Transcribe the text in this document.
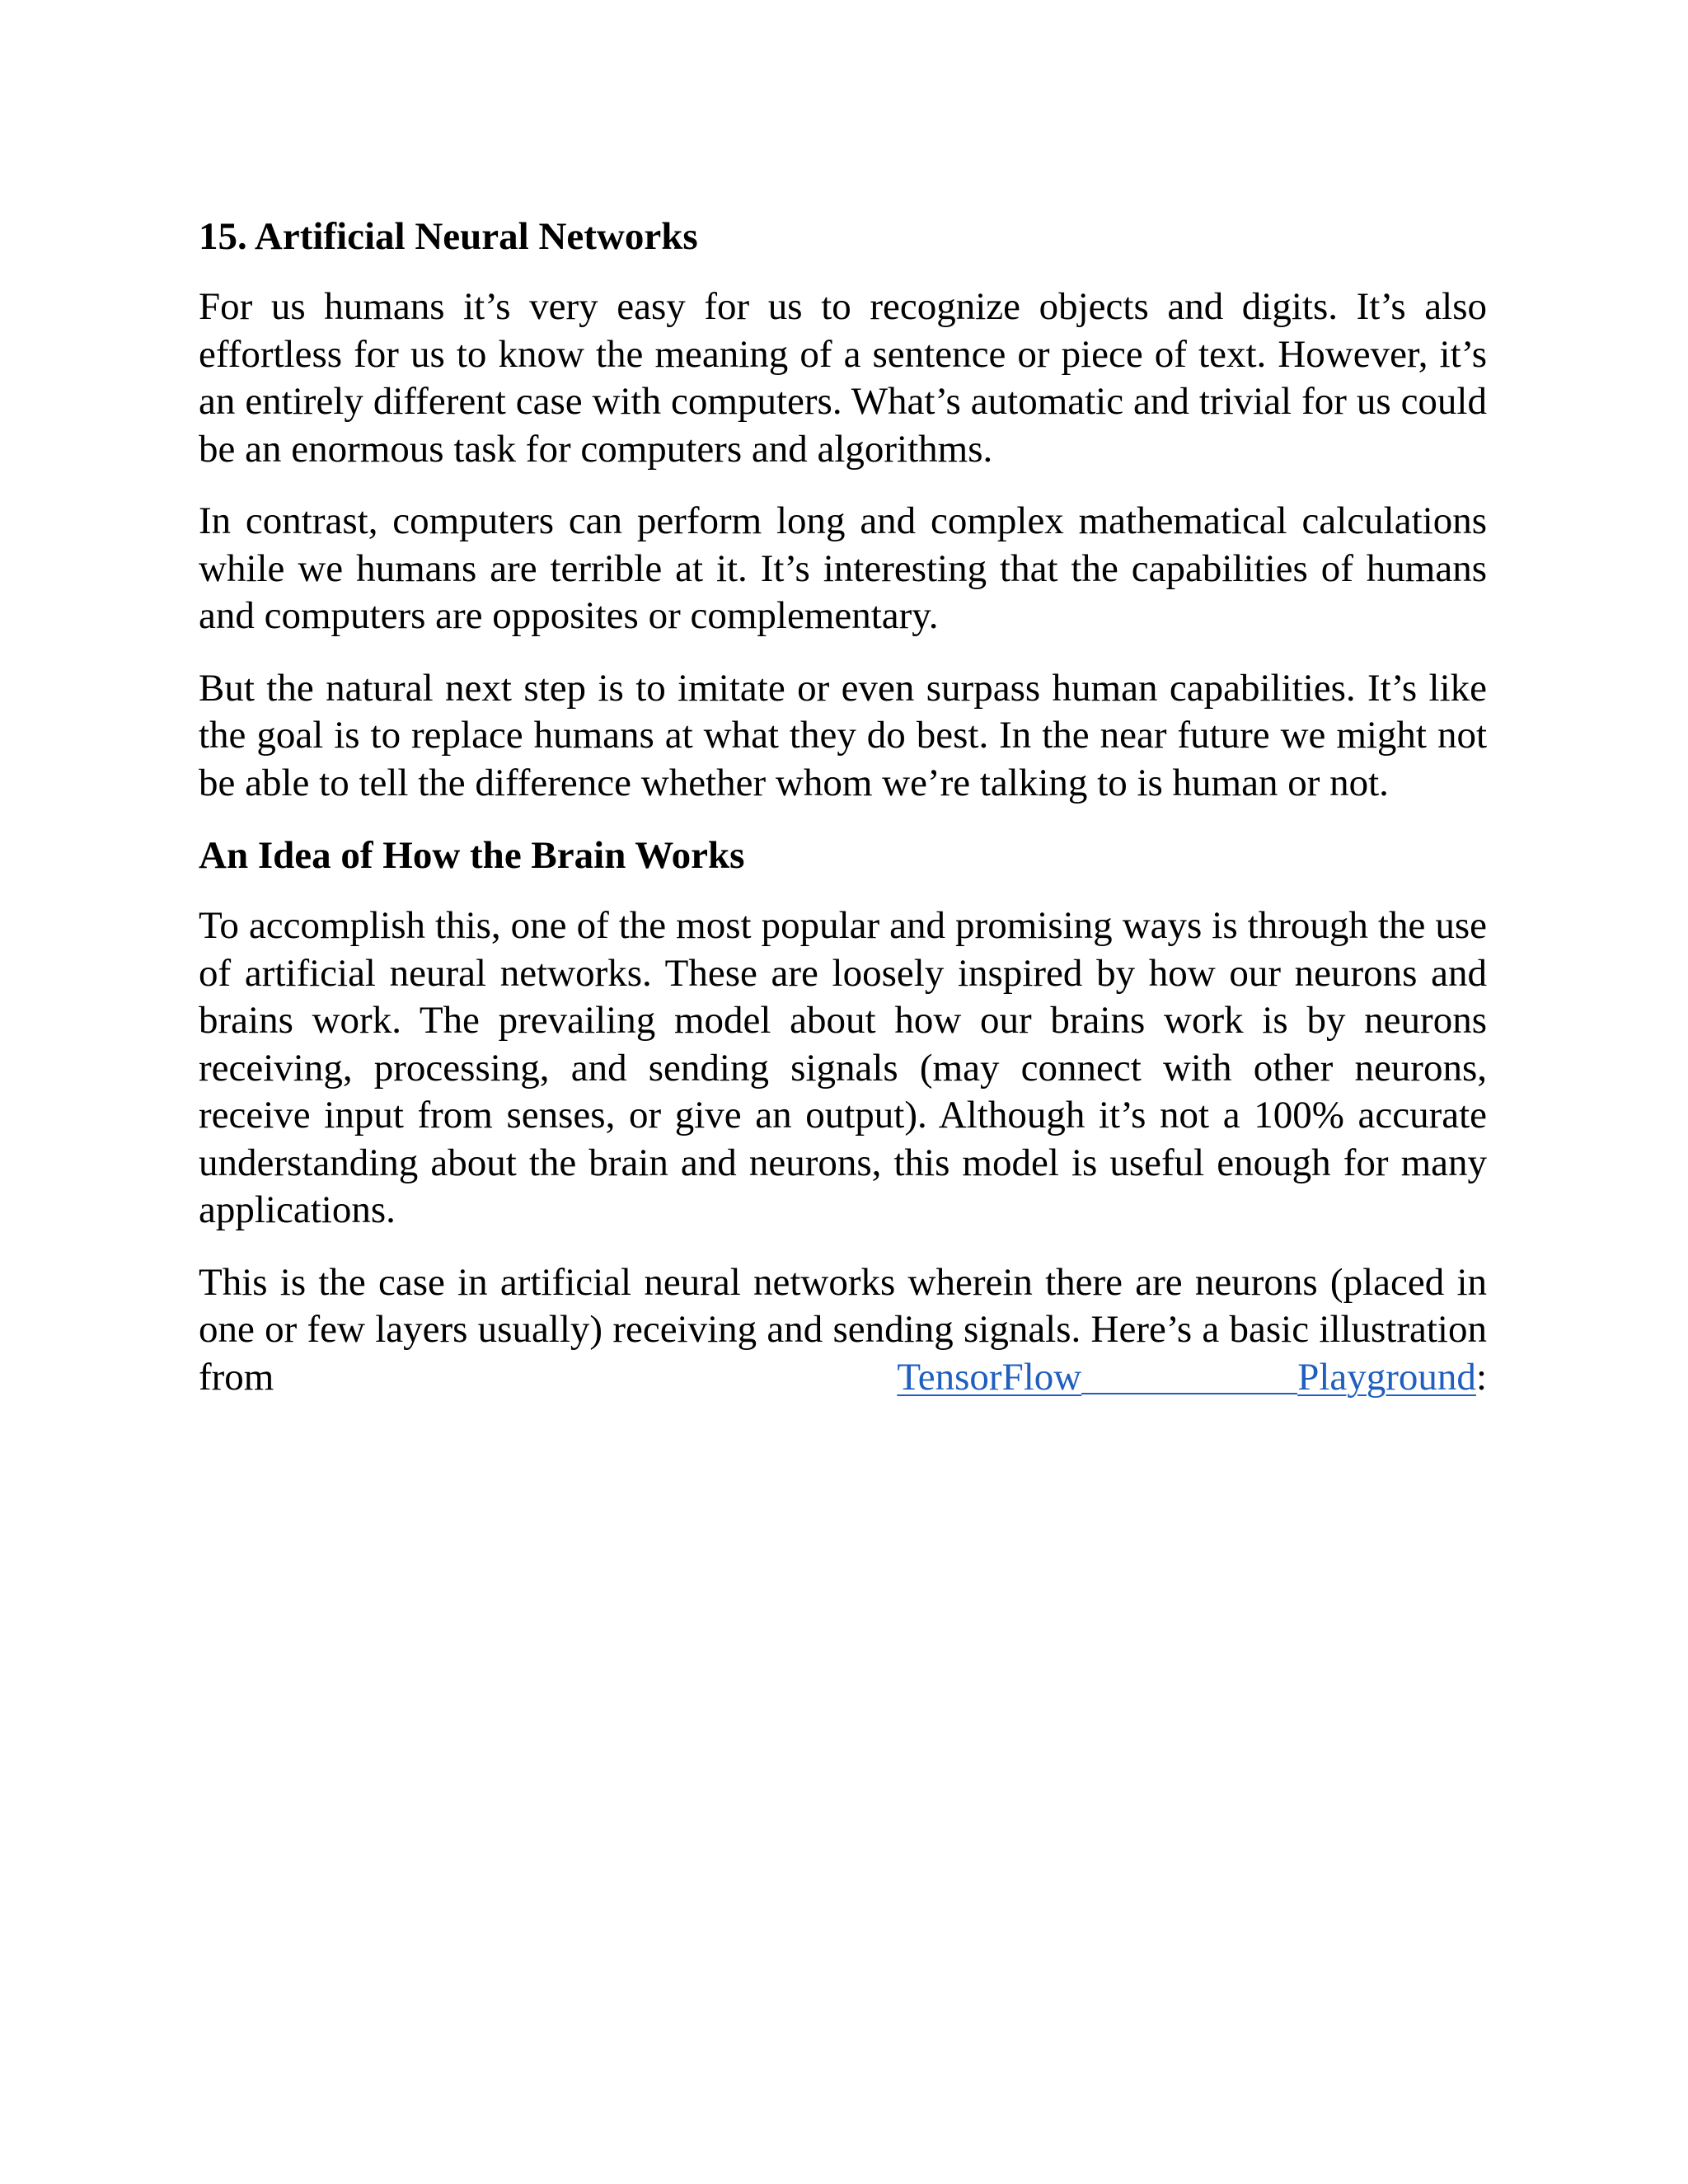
15. Artificial Neural Networks

For us humans it’s very easy for us to recognize objects and digits. It’s also effortless for us to know the meaning of a sentence or piece of text. However, it’s an entirely different case with computers. What’s automatic and trivial for us could be an enormous task for computers and algorithms.

In contrast, computers can perform long and complex mathematical calculations while we humans are terrible at it. It’s interesting that the capabilities of humans and computers are opposites or complementary.

But the natural next step is to imitate or even surpass human capabilities. It’s like the goal is to replace humans at what they do best. In the near future we might not be able to tell the difference whether whom we’re talking to is human or not.

An Idea of How the Brain Works

To accomplish this, one of the most popular and promising ways is through the use of artificial neural networks. These are loosely inspired by how our neurons and brains work. The prevailing model about how our brains work is by neurons receiving, processing, and sending signals (may connect with other neurons, receive input from senses, or give an output). Although it’s not a 100% accurate understanding about the brain and neurons, this model is useful enough for many applications.

This is the case in artificial neural networks wherein there are neurons (placed in one or few layers usually) receiving and sending signals. Here’s a basic illustration from	TensorFlow	Playground:
